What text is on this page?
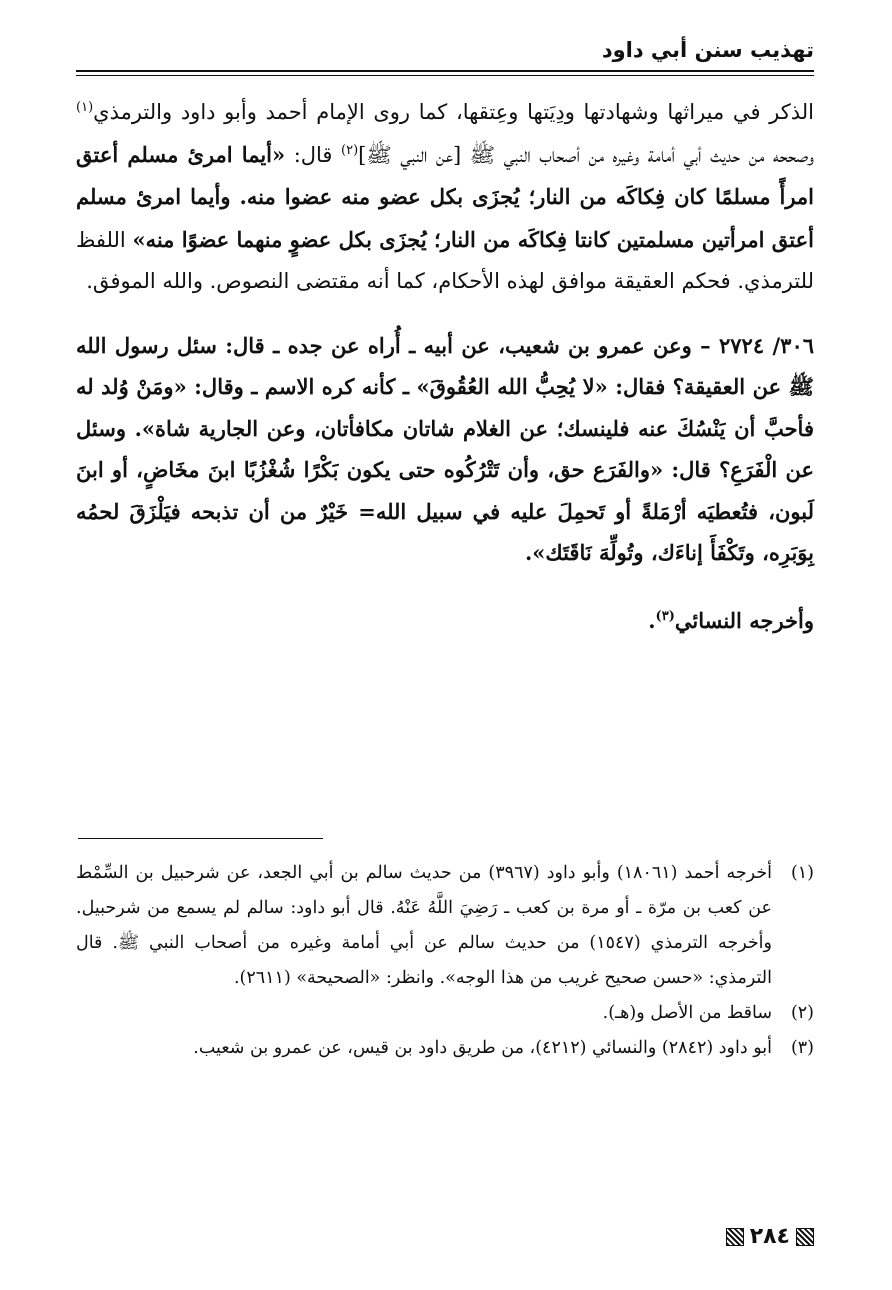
تهذيب سنن أبي داود

الذكر في ميراثها وشهادتها ودِيَتها وعِتقها، كما روى الإمام أحمد وأبو داود والترمذي$^{(١)}$ وصححه من حديث أبي أمامة وغيره من أصحاب النبي ﷺ [عن النبي ﷺ]$^{(٢)}$ قال: «أيما امرئ مسلم أعتق امرأً مسلمًا كان فِكاكَه من النار؛ يُجزَى بكل عضو منه عضوا منه. وأيما امرئ مسلم أعتق امرأتين مسلمتين كانتا فِكاكَه من النار؛ يُجزَى بكل عضوٍ منهما عضوًا منه» اللفظ للترمذي. فحكم العقيقة موافق لهذه الأحكام، كما أنه مقتضى النصوص. والله الموفق.

٣٠٦/ ٢٧٢٤ – وعن عمرو بن شعيب، عن أبيه ـ أُراه عن جده ـ قال: سئل رسول الله ﷺ عن العقيقة؟ فقال: «لا يُحِبُّ الله العُقُوقَ» ـ كأنه كره الاسم ـ وقال: «ومَنْ وُلد له فأحبَّ أن يَنْسُكَ عنه فلينسك؛ عن الغلام شاتان مكافأتان، وعن الجارية شاة». وسئل عن الْفَرَعِ؟ قال: «والفَرَع حق، وأن تَتْرُكُوه حتى يكون بَكْرًا شُغْزُبًا ابنَ مخَاضٍ، أو ابنَ لَبون، فتُعطيَه أرْمَلةً أو تَحمِلَ عليه في سبيل الله= خَيْرٌ من أن تذبحه فيَلْزَقَ لحمُه بِوَبَرِه، وتَكْفَأَ إناءَك، وتُولِّهَ نَاقَتَك».

وأخرجه النسائي$^{(٣)}$.

(١)
أخرجه أحمد (١٨٠٦١) وأبو داود (٣٩٦٧) من حديث سالم بن أبي الجعد، عن شرحبيل بن السِّمْط عن كعب بن مرّة ـ أو مرة بن كعب ـ رَضِيَ اللَّهُ عَنْهُ. قال أبو داود: سالم لم يسمع من شرحبيل. وأخرجه الترمذي (١٥٤٧) من حديث سالم عن أبي أمامة وغيره من أصحاب النبي ﷺ. قال الترمذي: «حسن صحيح غريب من هذا الوجه». وانظر: «الصحيحة» (٢٦١١).

(٢)
ساقط من الأصل و(هـ).

(٣)
أبو داود (٢٨٤٢) والنسائي (٤٢١٢)، من طريق داود بن قيس، عن عمرو بن شعيب.

٢٨٤
